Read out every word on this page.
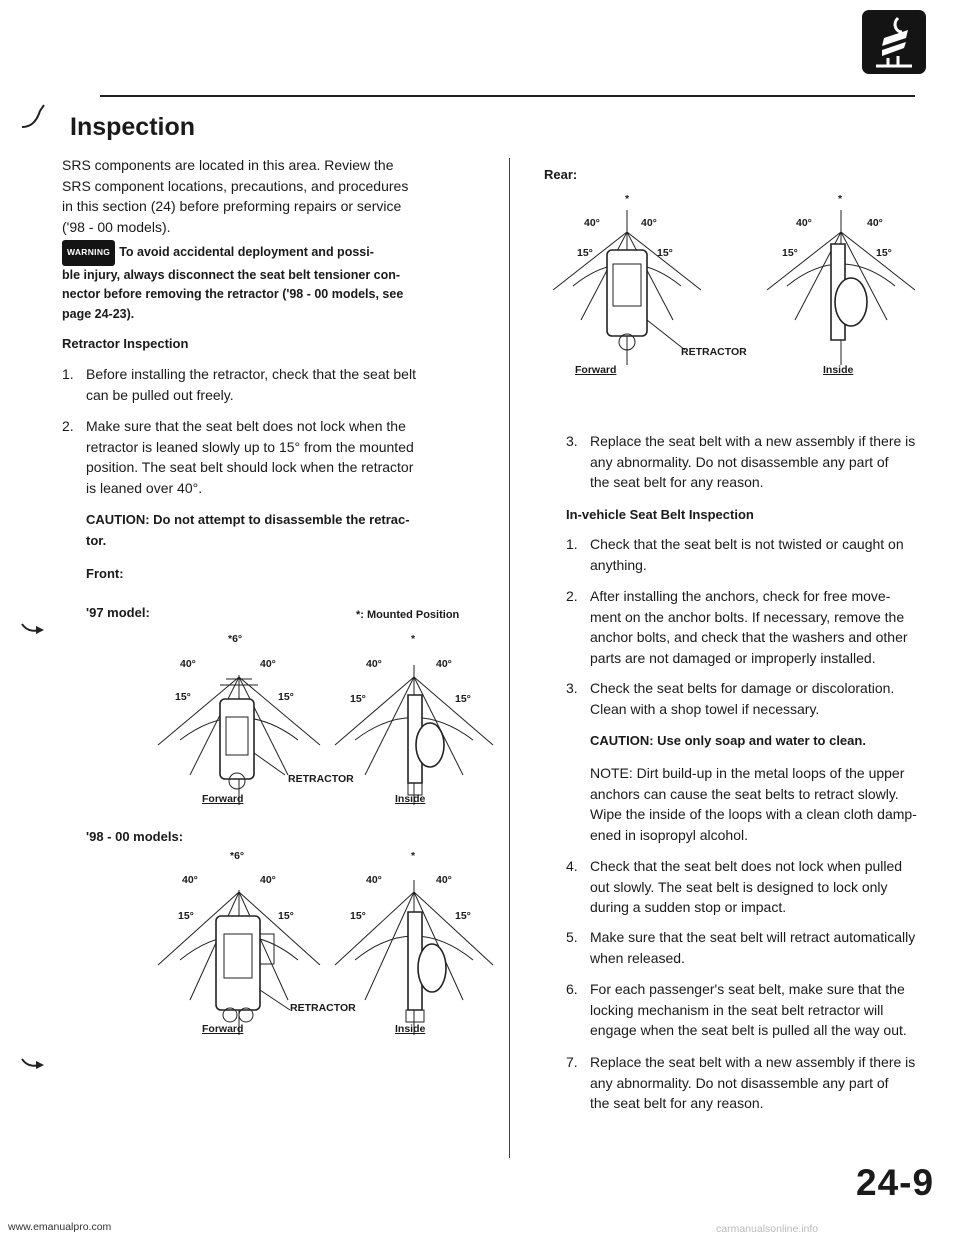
Inspection
SRS components are located in this area. Review the
SRS component locations, precautions, and procedures
in this section (24) before preforming repairs or service
('98 - 00 models).
WARNING To avoid accidental deployment and possi-
ble injury, always disconnect the seat belt tensioner con-
nector before removing the retractor ('98 - 00 models, see
page 24-23).
Retractor Inspection
1. Before installing the retractor, check that the seat belt
can be pulled out freely.
2. Make sure that the seat belt does not lock when the
retractor is leaned slowly up to 15° from the mounted
position. The seat belt should lock when the retractor
is leaned over 40°.
CAUTION: Do not attempt to disassemble the retrac-
tor.
Front:
'97 model:	*: Mounted Position
*6°
40°	40°
15°	15°
*
40°	40°
15°	15°
RETRACTOR
Forward	Inside
'98 - 00 models:
*6°
40°	40°
15°	15°
*
40°	40°
15°	15°
RETRACTOR
Forward	Inside
Rear:
*
40°	40°
15°	15°
*
40°	40°
15°	15°
RETRACTOR
Forward	Inside
3. Replace the seat belt with a new assembly if there is
any abnormality. Do not disassemble any part of
the seat belt for any reason.
In-vehicle Seat Belt Inspection
1. Check that the seat belt is not twisted or caught on
anything.
2. After installing the anchors, check for free move-
ment on the anchor bolts. If necessary, remove the
anchor bolts, and check that the washers and other
parts are not damaged or improperly installed.
3. Check the seat belts for damage or discoloration.
Clean with a shop towel if necessary.
CAUTION: Use only soap and water to clean.
NOTE: Dirt build-up in the metal loops of the upper
anchors can cause the seat belts to retract slowly.
Wipe the inside of the loops with a clean cloth damp-
ened in isopropyl alcohol.
4. Check that the seat belt does not lock when pulled
out slowly. The seat belt is designed to lock only
during a sudden stop or impact.
5. Make sure that the seat belt will retract automatically
when released.
6. For each passenger's seat belt, make sure that the
locking mechanism in the seat belt retractor will
engage when the seat belt is pulled all the way out.
7. Replace the seat belt with a new assembly if there is
any abnormality. Do not disassemble any part of
the seat belt for any reason.
24-9
www.emanualpro.com	carmanualsonline.info
